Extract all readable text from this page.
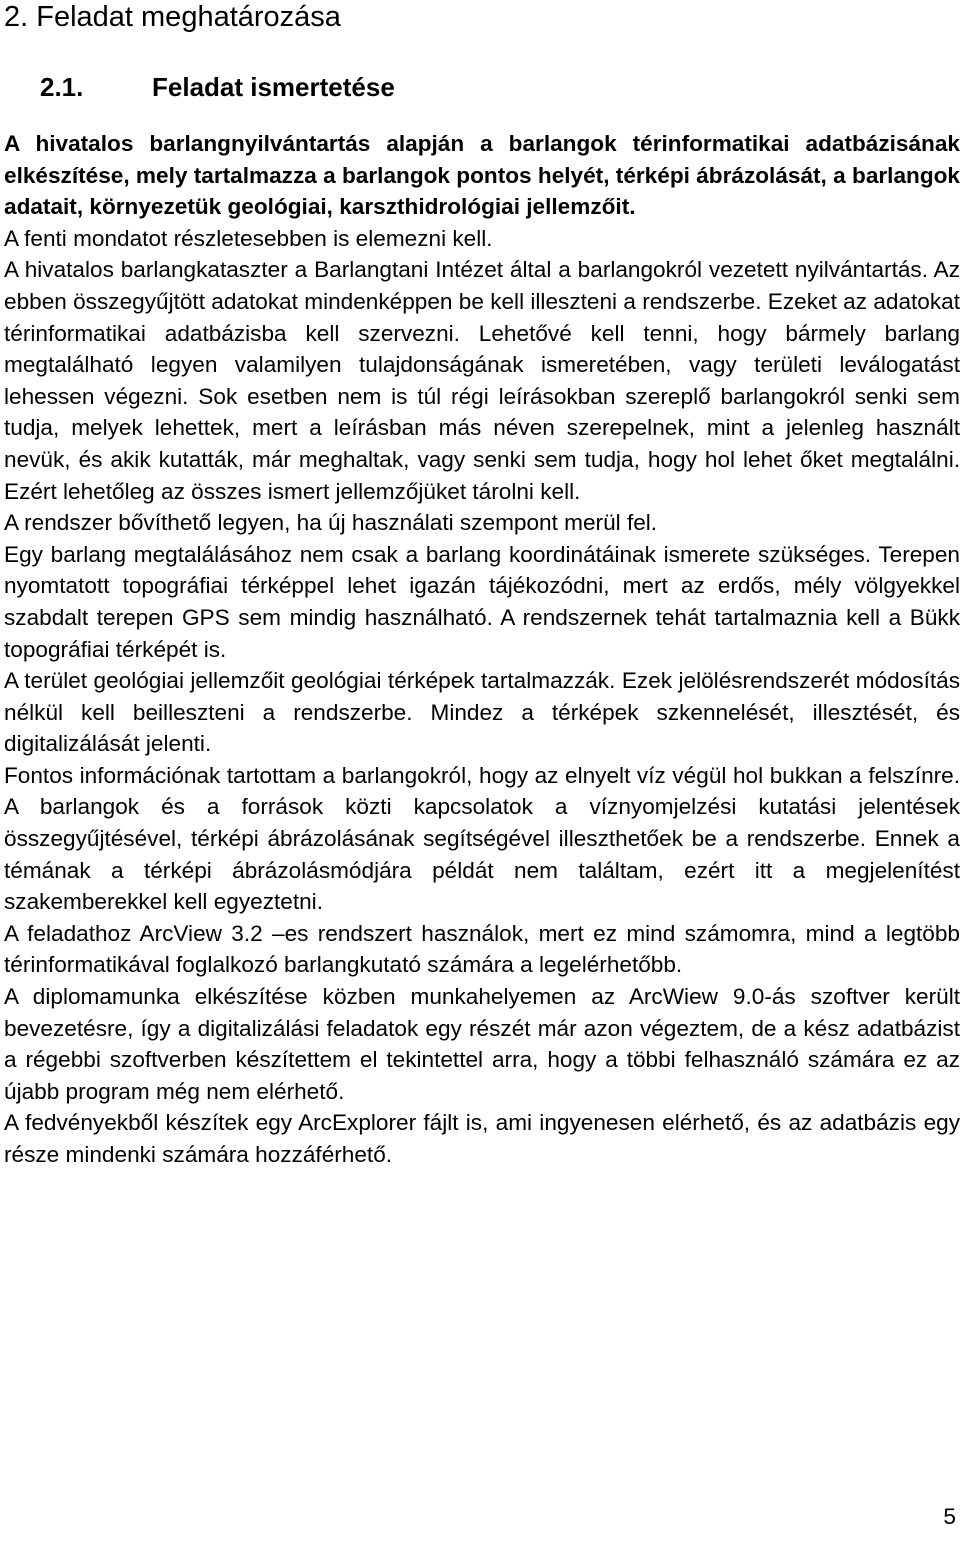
2. Feladat meghatározása
2.1.	Feladat ismertetése

A hivatalos barlangnyilvántartás alapján a barlangok térinformatikai adatbázisának elkészítése, mely tartalmazza a barlangok pontos helyét, térképi ábrázolását, a barlangok adatait, környezetük geológiai, karszthidrológiai jellemzőit.

A fenti mondatot részletesebben is elemezni kell.

A hivatalos barlangkataszter a Barlangtani Intézet által a barlangokról vezetett nyilvántartás. Az ebben összegyűjtött adatokat mindenképpen be kell illeszteni a rendszerbe. Ezeket az adatokat térinformatikai adatbázisba kell szervezni. Lehetővé kell tenni, hogy bármely barlang megtalálható legyen valamilyen tulajdonságának ismeretében, vagy területi leválogatást lehessen végezni. Sok esetben nem is túl régi leírásokban szereplő barlangokról senki sem tudja, melyek lehettek, mert a leírásban más néven szerepelnek, mint a jelenleg használt nevük, és akik kutatták, már meghaltak, vagy senki sem tudja, hogy hol lehet őket megtalálni. Ezért lehetőleg az összes ismert jellemzőjüket tárolni kell.

A rendszer bővíthető legyen, ha új használati szempont merül fel.

Egy barlang megtalálásához nem csak a barlang koordinátáinak ismerete szükséges. Terepen nyomtatott topográfiai térképpel lehet igazán tájékozódni, mert az erdős, mély völgyekkel szabdalt terepen GPS sem mindig használható. A rendszernek tehát tartalmaznia kell a Bükk topográfiai térképét is.

A terület geológiai jellemzőit geológiai térképek tartalmazzák. Ezek jelölésrendszerét módosítás nélkül kell beilleszteni a rendszerbe. Mindez a térképek szkennelését, illesztését, és digitalizálását jelenti.

Fontos információnak tartottam a barlangokról, hogy az elnyelt víz végül hol bukkan a felszínre. A barlangok és a források közti kapcsolatok a víznyomjelzési kutatási jelentések összegyűjtésével, térképi ábrázolásának segítségével illeszthetőek be a rendszerbe. Ennek a témának a térképi ábrázolásmódjára példát nem találtam, ezért itt a megjelenítést szakemberekkel kell egyeztetni.

A feladathoz ArcView 3.2 –es rendszert használok, mert ez mind számomra, mind a legtöbb térinformatikával foglalkozó barlangkutató számára a legelérhetőbb.

A diplomamunka elkészítése közben munkahelyemen az ArcWiew 9.0-ás szoftver került bevezetésre, így a digitalizálási feladatok egy részét már azon végeztem, de a kész adatbázist a régebbi szoftverben készítettem el tekintettel arra, hogy a többi felhasználó számára ez az újabb program még nem elérhető.

A fedvényekből készítek egy ArcExplorer fájlt is, ami ingyenesen elérhető, és az adatbázis egy része mindenki számára hozzáférhető.

5
